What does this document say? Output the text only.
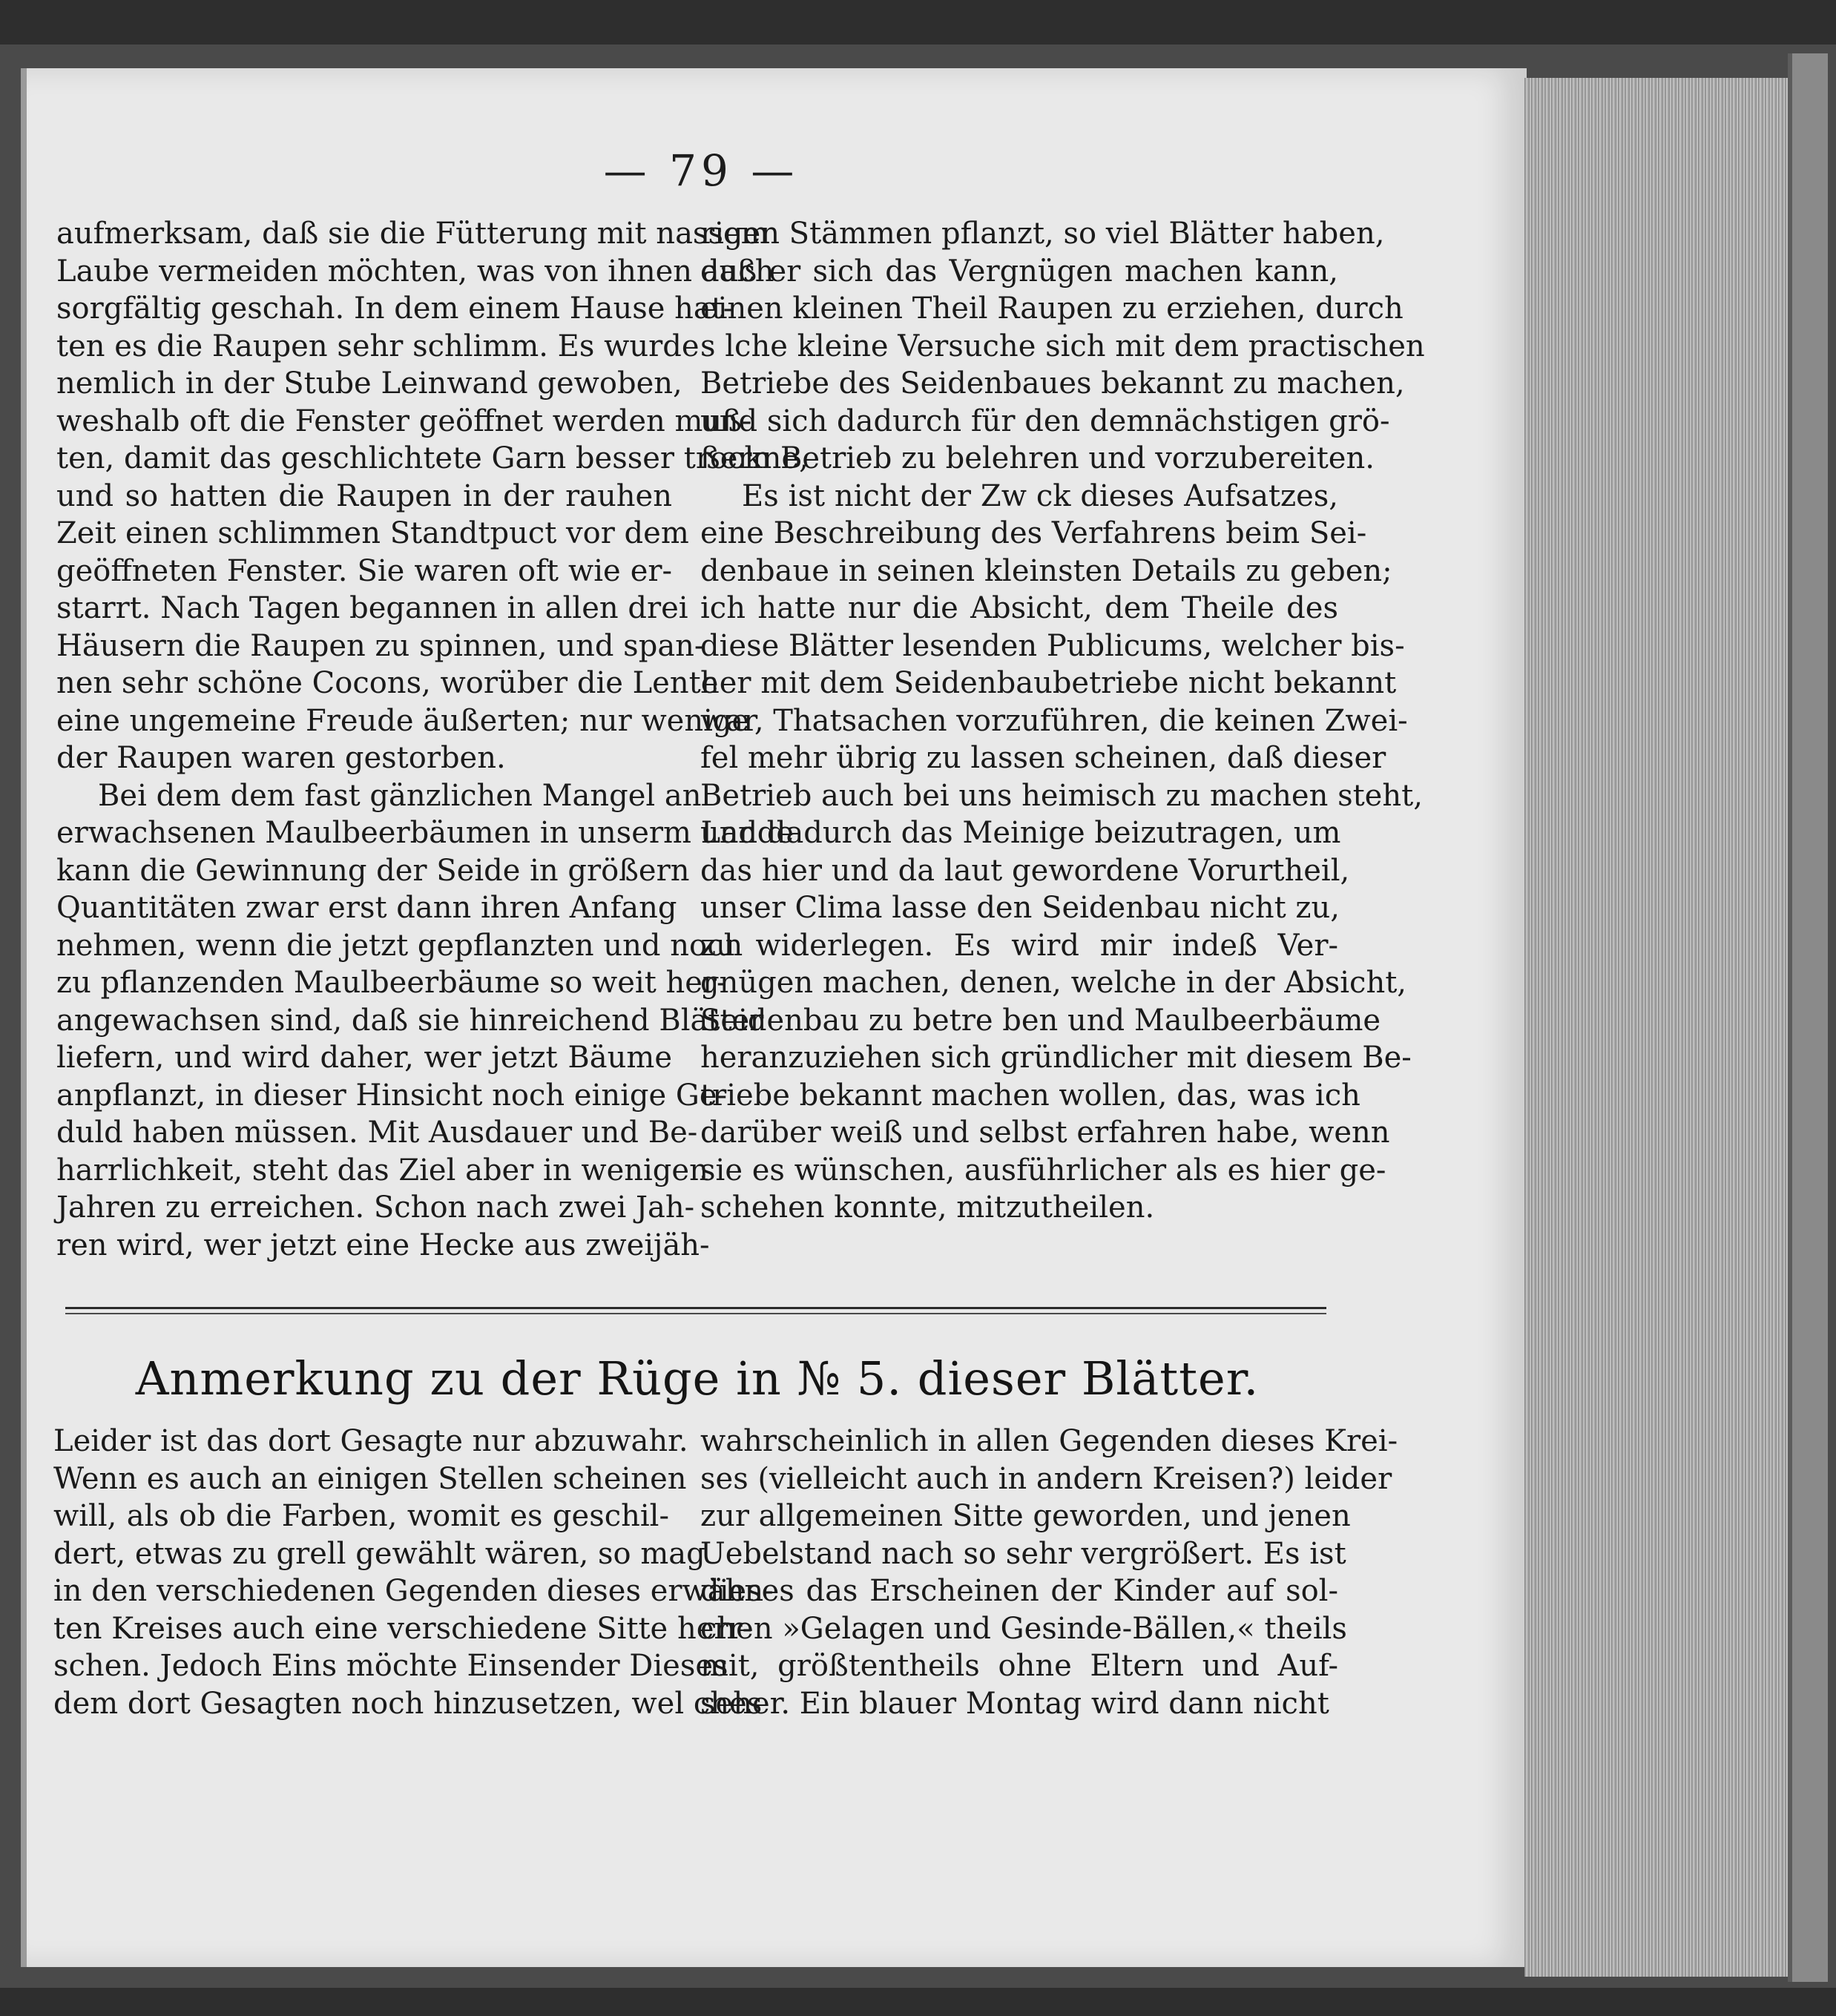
— 79 —
aufmerksam, daß sie die Fütterung mit nassem
Laube vermeiden möchten, was von ihnen auch
sorgfältig geschah. In dem einem Hause hat-
ten es die Raupen sehr schlimm. Es wurde
nemlich in der Stube Leinwand gewoben,
weshalb oft die Fenster geöffnet werden muß-
ten, damit das geschlichtete Garn besser trockne,
und so hatten die Raupen in der rauhen
Zeit einen schlimmen Standtpuct vor dem
geöffneten Fenster. Sie waren oft wie er-
starrt. Nach Tagen begannen in allen drei
Häusern die Raupen zu spinnen, und span-
nen sehr schöne Cocons, worüber die Lente
eine ungemeine Freude äußerten; nur wenige
der Raupen waren gestorben.
Bei dem dem fast gänzlichen Mangel an
erwachsenen Maulbeerbäumen in unserm Lande
kann die Gewinnung der Seide in größern
Quantitäten zwar erst dann ihren Anfang
nehmen, wenn die jetzt gepflanzten und noch
zu pflanzenden Maulbeerbäume so weit her-
angewachsen sind, daß sie hinreichend Blätter
liefern, und wird daher, wer jetzt Bäume
anpflanzt, in dieser Hinsicht noch einige Ge-
duld haben müssen. Mit Ausdauer und Be-
harrlichkeit, steht das Ziel aber in wenigen
Jahren zu erreichen. Schon nach zwei Jah-
ren wird, wer jetzt eine Hecke aus zweijäh-
rigen Stämmen pflanzt, so viel Blätter haben,
daß er sich das Vergnügen machen kann,
einen kleinen Theil Raupen zu erziehen, durch
s lche kleine Versuche sich mit dem practischen
Betriebe des Seidenbaues bekannt zu machen,
und sich dadurch für den demnächstigen grö-
ßern Betrieb zu belehren und vorzubereiten.
Es ist nicht der Zw ck dieses Aufsatzes,
eine Beschreibung des Verfahrens beim Sei-
denbaue in seinen kleinsten Details zu geben;
ich hatte nur die Absicht, dem Theile des
diese Blätter lesenden Publicums, welcher bis-
her mit dem Seidenbaubetriebe nicht bekannt
war, Thatsachen vorzuführen, die keinen Zwei-
fel mehr übrig zu lassen scheinen, daß dieser
Betrieb auch bei uns heimisch zu machen steht,
und dadurch das Meinige beizutragen, um
das hier und da laut gewordene Vorurtheil,
unser Clima lasse den Seidenbau nicht zu,
zu widerlegen. Es wird mir indeß Ver-
gnügen machen, denen, welche in der Absicht,
Seidenbau zu betre ben und Maulbeerbäume
heranzuziehen sich gründlicher mit diesem Be-
triebe bekannt machen wollen, das, was ich
darüber weiß und selbst erfahren habe, wenn
sie es wünschen, ausführlicher als es hier ge-
schehen konnte, mitzutheilen.
Anmerkung zu der Rüge in № 5. dieser Blätter.
Leider ist das dort Gesagte nur abzuwahr.
Wenn es auch an einigen Stellen scheinen
will, als ob die Farben, womit es geschil-
dert, etwas zu grell gewählt wären, so mag
in den verschiedenen Gegenden dieses erwähn-
ten Kreises auch eine verschiedene Sitte herr-
schen. Jedoch Eins möchte Einsender Dieses
dem dort Gesagten noch hinzusetzen, wel ches
wahrscheinlich in allen Gegenden dieses Krei-
ses (vielleicht auch in andern Kreisen?) leider
zur allgemeinen Sitte geworden, und jenen
Uebelstand nach so sehr vergrößert. Es ist
dieses das Erscheinen der Kinder auf sol-
chen »Gelagen und Gesinde-Bällen,« theils
mit, größtentheils ohne Eltern und Auf-
seher. Ein blauer Montag wird dann nicht
